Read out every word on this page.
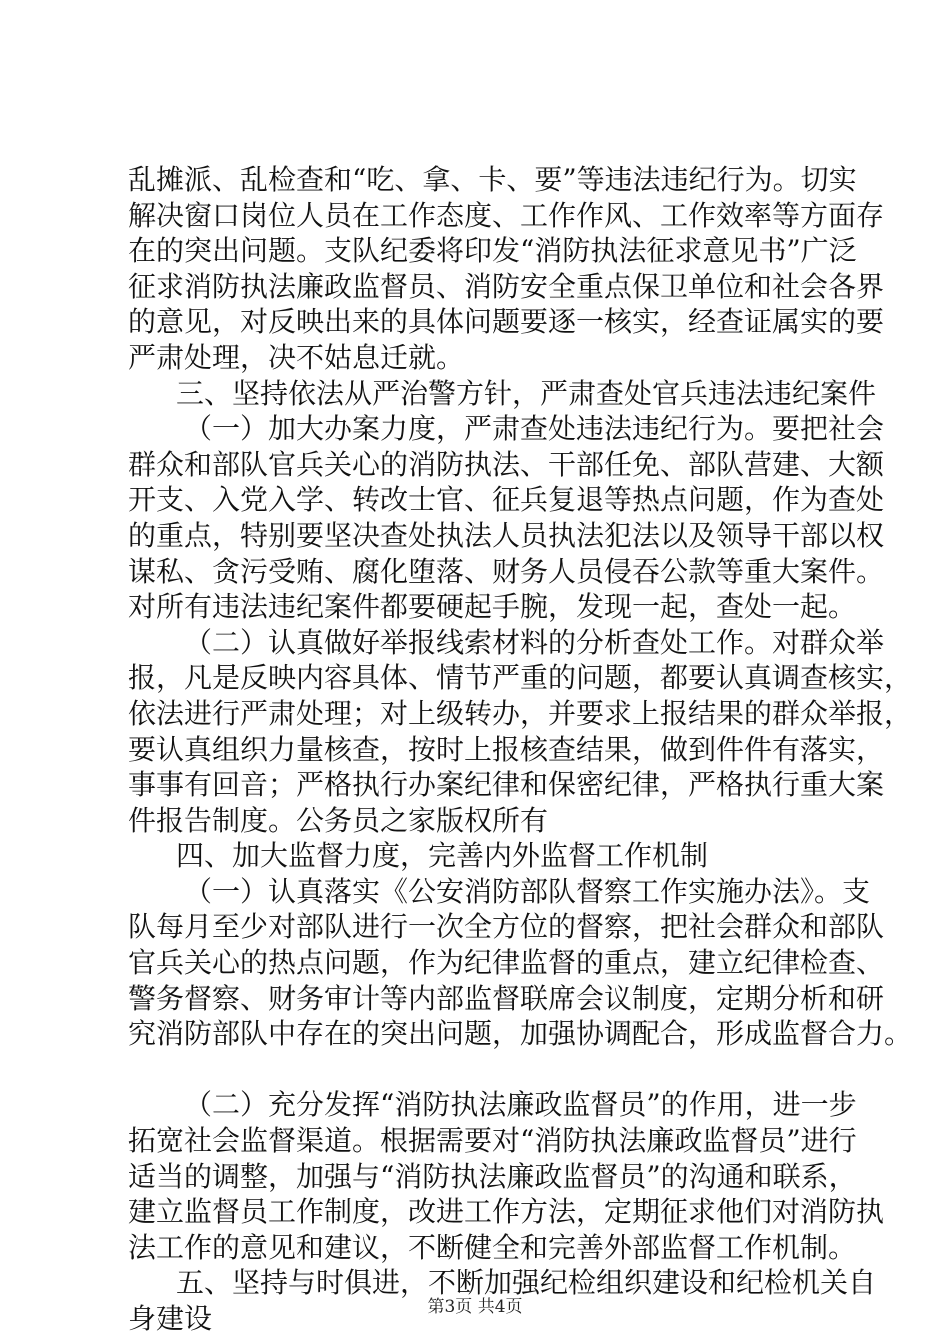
乱摊派、乱检查和“吃、拿、卡、要”等违法违纪行为。切实
解决窗口岗位人员在工作态度、工作作风、工作效率等方面存
在的突出问题。支队纪委将印发“消防执法征求意见书”广泛
征求消防执法廉政监督员、消防安全重点保卫单位和社会各界
的意见，对反映出来的具体问题要逐一核实，经查证属实的要
严肃处理，决不姑息迁就。
三、坚持依法从严治警方针，严肃查处官兵违法违纪案件
（一）加大办案力度，严肃查处违法违纪行为。要把社会
群众和部队官兵关心的消防执法、干部任免、部队营建、大额
开支、入党入学、转改士官、征兵复退等热点问题，作为查处
的重点，特别要坚决查处执法人员执法犯法以及领导干部以权
谋私、贪污受贿、腐化堕落、财务人员侵吞公款等重大案件。
对所有违法违纪案件都要硬起手腕，发现一起，查处一起。
（二）认真做好举报线索材料的分析查处工作。对群众举
报，凡是反映内容具体、情节严重的问题，都要认真调查核实，
依法进行严肃处理；对上级转办，并要求上报结果的群众举报，
要认真组织力量核查，按时上报核查结果，做到件件有落实，
事事有回音；严格执行办案纪律和保密纪律，严格执行重大案
件报告制度。公务员之家版权所有
四、加大监督力度，完善内外监督工作机制
（一）认真落实《公安消防部队督察工作实施办法》。支
队每月至少对部队进行一次全方位的督察，把社会群众和部队
官兵关心的热点问题，作为纪律监督的重点，建立纪律检查、
警务督察、财务审计等内部监督联席会议制度，定期分析和研
究消防部队中存在的突出问题，加强协调配合，形成监督合力。
（二）充分发挥“消防执法廉政监督员”的作用，进一步
拓宽社会监督渠道。根据需要对“消防执法廉政监督员”进行
适当的调整，加强与“消防执法廉政监督员”的沟通和联系，
建立监督员工作制度，改进工作方法，定期征求他们对消防执
法工作的意见和建议，不断健全和完善外部监督工作机制。
五、坚持与时俱进，不断加强纪检组织建设和纪检机关自
身建设	第3页 共4页
